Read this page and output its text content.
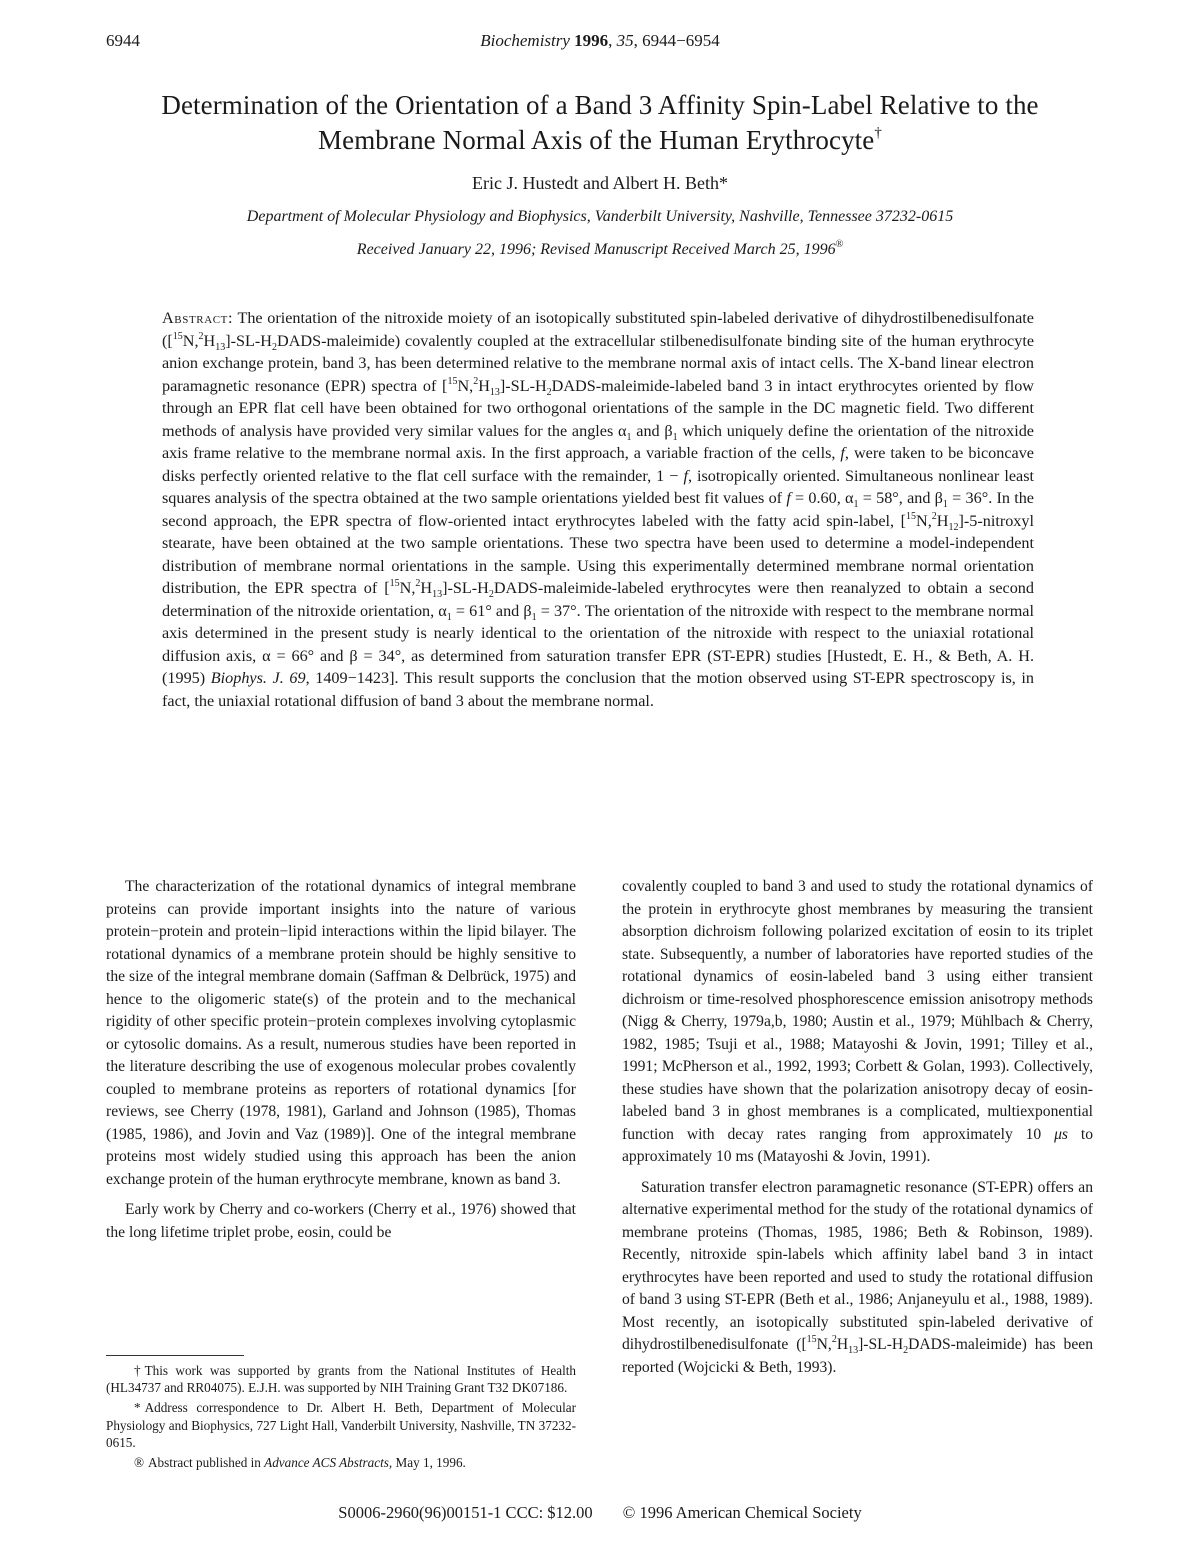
6944	Biochemistry 1996, 35, 6944−6954
Determination of the Orientation of a Band 3 Affinity Spin-Label Relative to the
Membrane Normal Axis of the Human Erythrocyte†
Eric J. Hustedt and Albert H. Beth*
Department of Molecular Physiology and Biophysics, Vanderbilt University, Nashville, Tennessee 37232-0615
Received January 22, 1996; Revised Manuscript Received March 25, 1996®
Abstract: The orientation of the nitroxide moiety of an isotopically substituted spin-labeled derivative of dihydrostilbenedisulfonate $([^{15}N,^2H_{13}]-SL-H_2DADS-maleimide)$ covalently coupled at the extracellular stilbenedisulfonate binding site of the human erythrocyte anion exchange protein, band 3, has been determined relative to the membrane normal axis of intact cells. The X-band linear electron paramagnetic resonance (EPR) spectra of $[^{15}N,^2H_{13}]-SL-H_2DADS-maleimide$-labeled band 3 in intact erythrocytes oriented by flow through an EPR flat cell have been obtained for two orthogonal orientations of the sample in the DC magnetic field. Two different methods of analysis have provided very similar values for the angles $\alpha_1$ and $\beta_1$ which uniquely define the orientation of the nitroxide axis frame relative to the membrane normal axis. In the first approach, a variable fraction of the cells, f, were taken to be biconcave disks perfectly oriented relative to the flat cell surface with the remainder, 1 − f, isotropically oriented. Simultaneous nonlinear least squares analysis of the spectra obtained at the two sample orientations yielded best fit values of f = 0.60, $\alpha_1 = 58^\circ$, and $\beta_1 = 36^\circ$. In the second approach, the EPR spectra of flow-oriented intact erythrocytes labeled with the fatty acid spin-label, $[^{15}N,^2H_{12}]-5$-nitroxyl stearate, have been obtained at the two sample orientations. These two spectra have been used to determine a model-independent distribution of membrane normal orientations in the sample. Using this experimentally determined membrane normal orientation distribution, the EPR spectra of $[^{15}N,^2H_{13}]-SL-H_2DADS-maleimide$-labeled erythrocytes were then reanalyzed to obtain a second determination of the nitroxide orientation, $\alpha_1 = 61^\circ$ and $\beta_1 = 37^\circ$. The orientation of the nitroxide with respect to the membrane normal axis determined in the present study is nearly identical to the orientation of the nitroxide with respect to the uniaxial rotational diffusion axis, α = 66° and β = 34°, as determined from saturation transfer EPR (ST-EPR) studies [Hustedt, E. H., & Beth, A. H. (1995) Biophys. J. 69, 1409−1423]. This result supports the conclusion that the motion observed using ST-EPR spectroscopy is, in fact, the uniaxial rotational diffusion of band 3 about the membrane normal.

The characterization of the rotational dynamics of integral membrane proteins can provide important insights into the nature of various protein−protein and protein−lipid interactions within the lipid bilayer. The rotational dynamics of a membrane protein should be highly sensitive to the size of the integral membrane domain (Saffman & Delbrück, 1975) and hence to the oligomeric state(s) of the protein and to the mechanical rigidity of other specific protein−protein complexes involving cytoplasmic or cytosolic domains. As a result, numerous studies have been reported in the literature describing the use of exogenous molecular probes covalently coupled to membrane proteins as reporters of rotational dynamics [for reviews, see Cherry (1978, 1981), Garland and Johnson (1985), Thomas (1985, 1986), and Jovin and Vaz (1989)]. One of the integral membrane proteins most widely studied using this approach has been the anion exchange protein of the human erythrocyte membrane, known as band 3.

Early work by Cherry and co-workers (Cherry et al., 1976) showed that the long lifetime triplet probe, eosin, could be

covalently coupled to band 3 and used to study the rotational dynamics of the protein in erythrocyte ghost membranes by measuring the transient absorption dichroism following polarized excitation of eosin to its triplet state. Subsequently, a number of laboratories have reported studies of the rotational dynamics of eosin-labeled band 3 using either transient dichroism or time-resolved phosphorescence emission anisotropy methods (Nigg & Cherry, 1979a,b, 1980; Austin et al., 1979; Mühlbach & Cherry, 1982, 1985; Tsuji et al., 1988; Matayoshi & Jovin, 1991; Tilley et al., 1991; McPherson et al., 1992, 1993; Corbett & Golan, 1993). Collectively, these studies have shown that the polarization anisotropy decay of eosin-labeled band 3 in ghost membranes is a complicated, multiexponential function with decay rates ranging from approximately 10 μs to approximately 10 ms (Matayoshi & Jovin, 1991).

Saturation transfer electron paramagnetic resonance (ST-EPR) offers an alternative experimental method for the study of the rotational dynamics of membrane proteins (Thomas, 1985, 1986; Beth & Robinson, 1989). Recently, nitroxide spin-labels which affinity label band 3 in intact erythrocytes have been reported and used to study the rotational diffusion of band 3 using ST-EPR (Beth et al., 1986; Anjaneyulu et al., 1988, 1989). Most recently, an isotopically substituted spin-labeled derivative of dihydrostilbenedisulfonate $([^{15}N,^2H_{13}]-SL-H_2DADS-maleimide)$ has been reported (Wojcicki & Beth, 1993).

† This work was supported by grants from the National Institutes of Health (HL34737 and RR04075). E.J.H. was supported by NIH Training Grant T32 DK07186.

* Address correspondence to Dr. Albert H. Beth, Department of Molecular Physiology and Biophysics, 727 Light Hall, Vanderbilt University, Nashville, TN 37232-0615.

® Abstract published in Advance ACS Abstracts, May 1, 1996.

S0006-2960(96)00151-1 CCC: $12.00 © 1996 American Chemical Society
